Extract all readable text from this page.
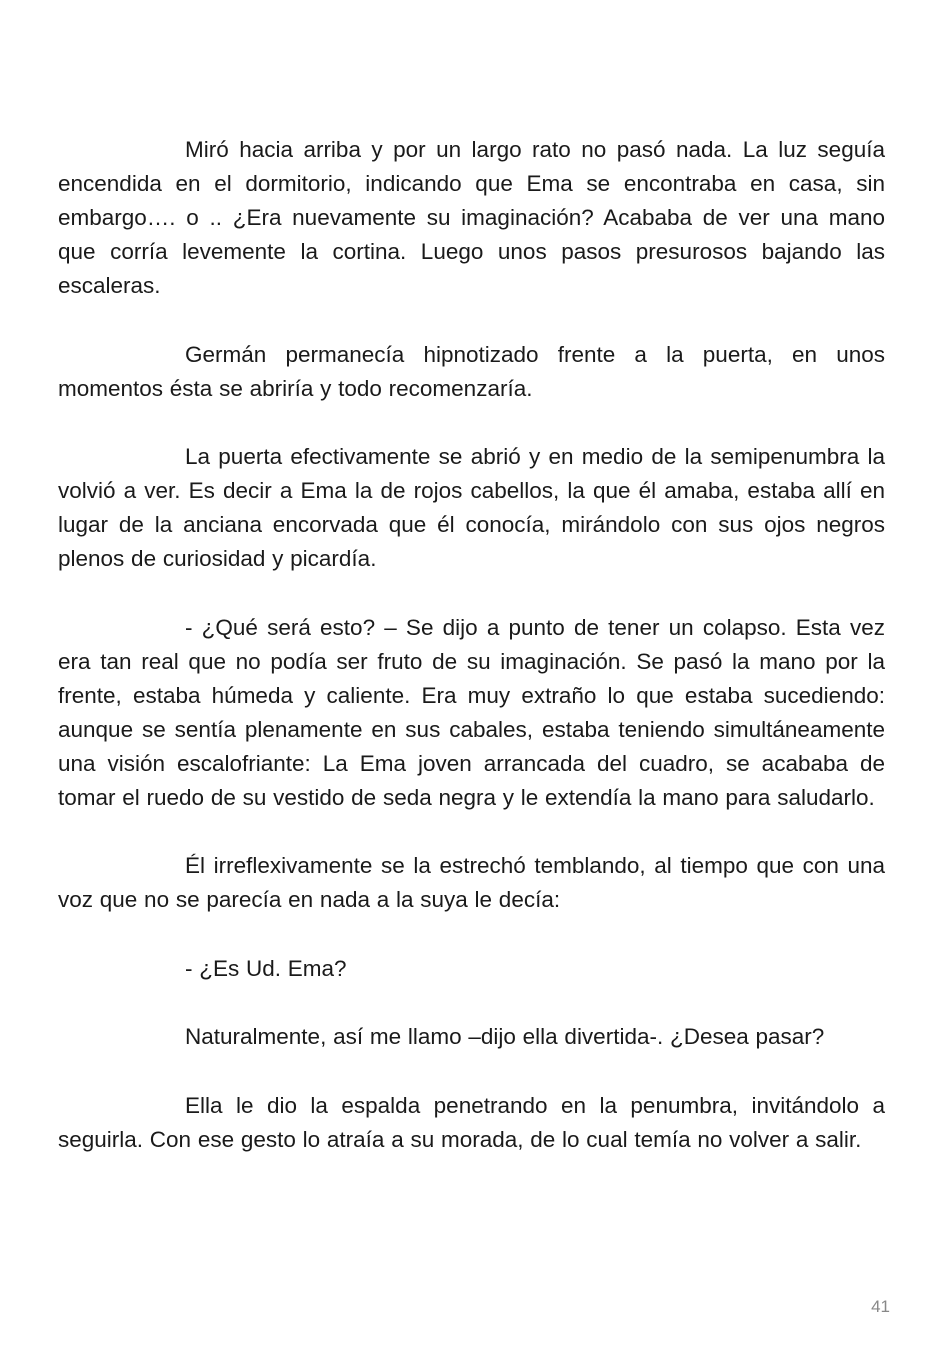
Miró hacia arriba y por un largo rato no pasó nada. La luz seguía encendida en el dormitorio, indicando que Ema se encontraba en casa, sin embargo…. o .. ¿Era nuevamente su imaginación? Acababa de ver una mano que corría levemente la cortina. Luego unos pasos presurosos bajando las escaleras.

Germán permanecía hipnotizado frente a la puerta, en unos momentos ésta se abriría y todo recomenzaría.

La puerta efectivamente se abrió y en medio de la semipenumbra la volvió a ver. Es decir a Ema la de rojos cabellos, la que él amaba, estaba allí en lugar de la anciana encorvada que él conocía, mirándolo con sus ojos negros plenos de curiosidad y picardía.

- ¿Qué será esto? – Se dijo a punto de tener un colapso. Esta vez era tan real que no podía ser fruto de su imaginación. Se pasó la mano por la frente, estaba húmeda y caliente. Era muy extraño lo que estaba sucediendo: aunque se sentía plenamente en sus cabales, estaba teniendo simultáneamente una visión escalofriante: La Ema joven arrancada del cuadro, se acababa de tomar el ruedo de su vestido de seda negra y le extendía la mano para saludarlo.

Él irreflexivamente se la estrechó temblando, al tiempo que con una voz que no se parecía en nada a la suya le decía:

- ¿Es Ud. Ema?

Naturalmente, así me llamo –dijo ella divertida-. ¿Desea pasar?

Ella le dio la espalda penetrando en la penumbra, invitándolo a seguirla. Con ese gesto lo atraía a su morada, de lo cual temía no volver a salir.

41
